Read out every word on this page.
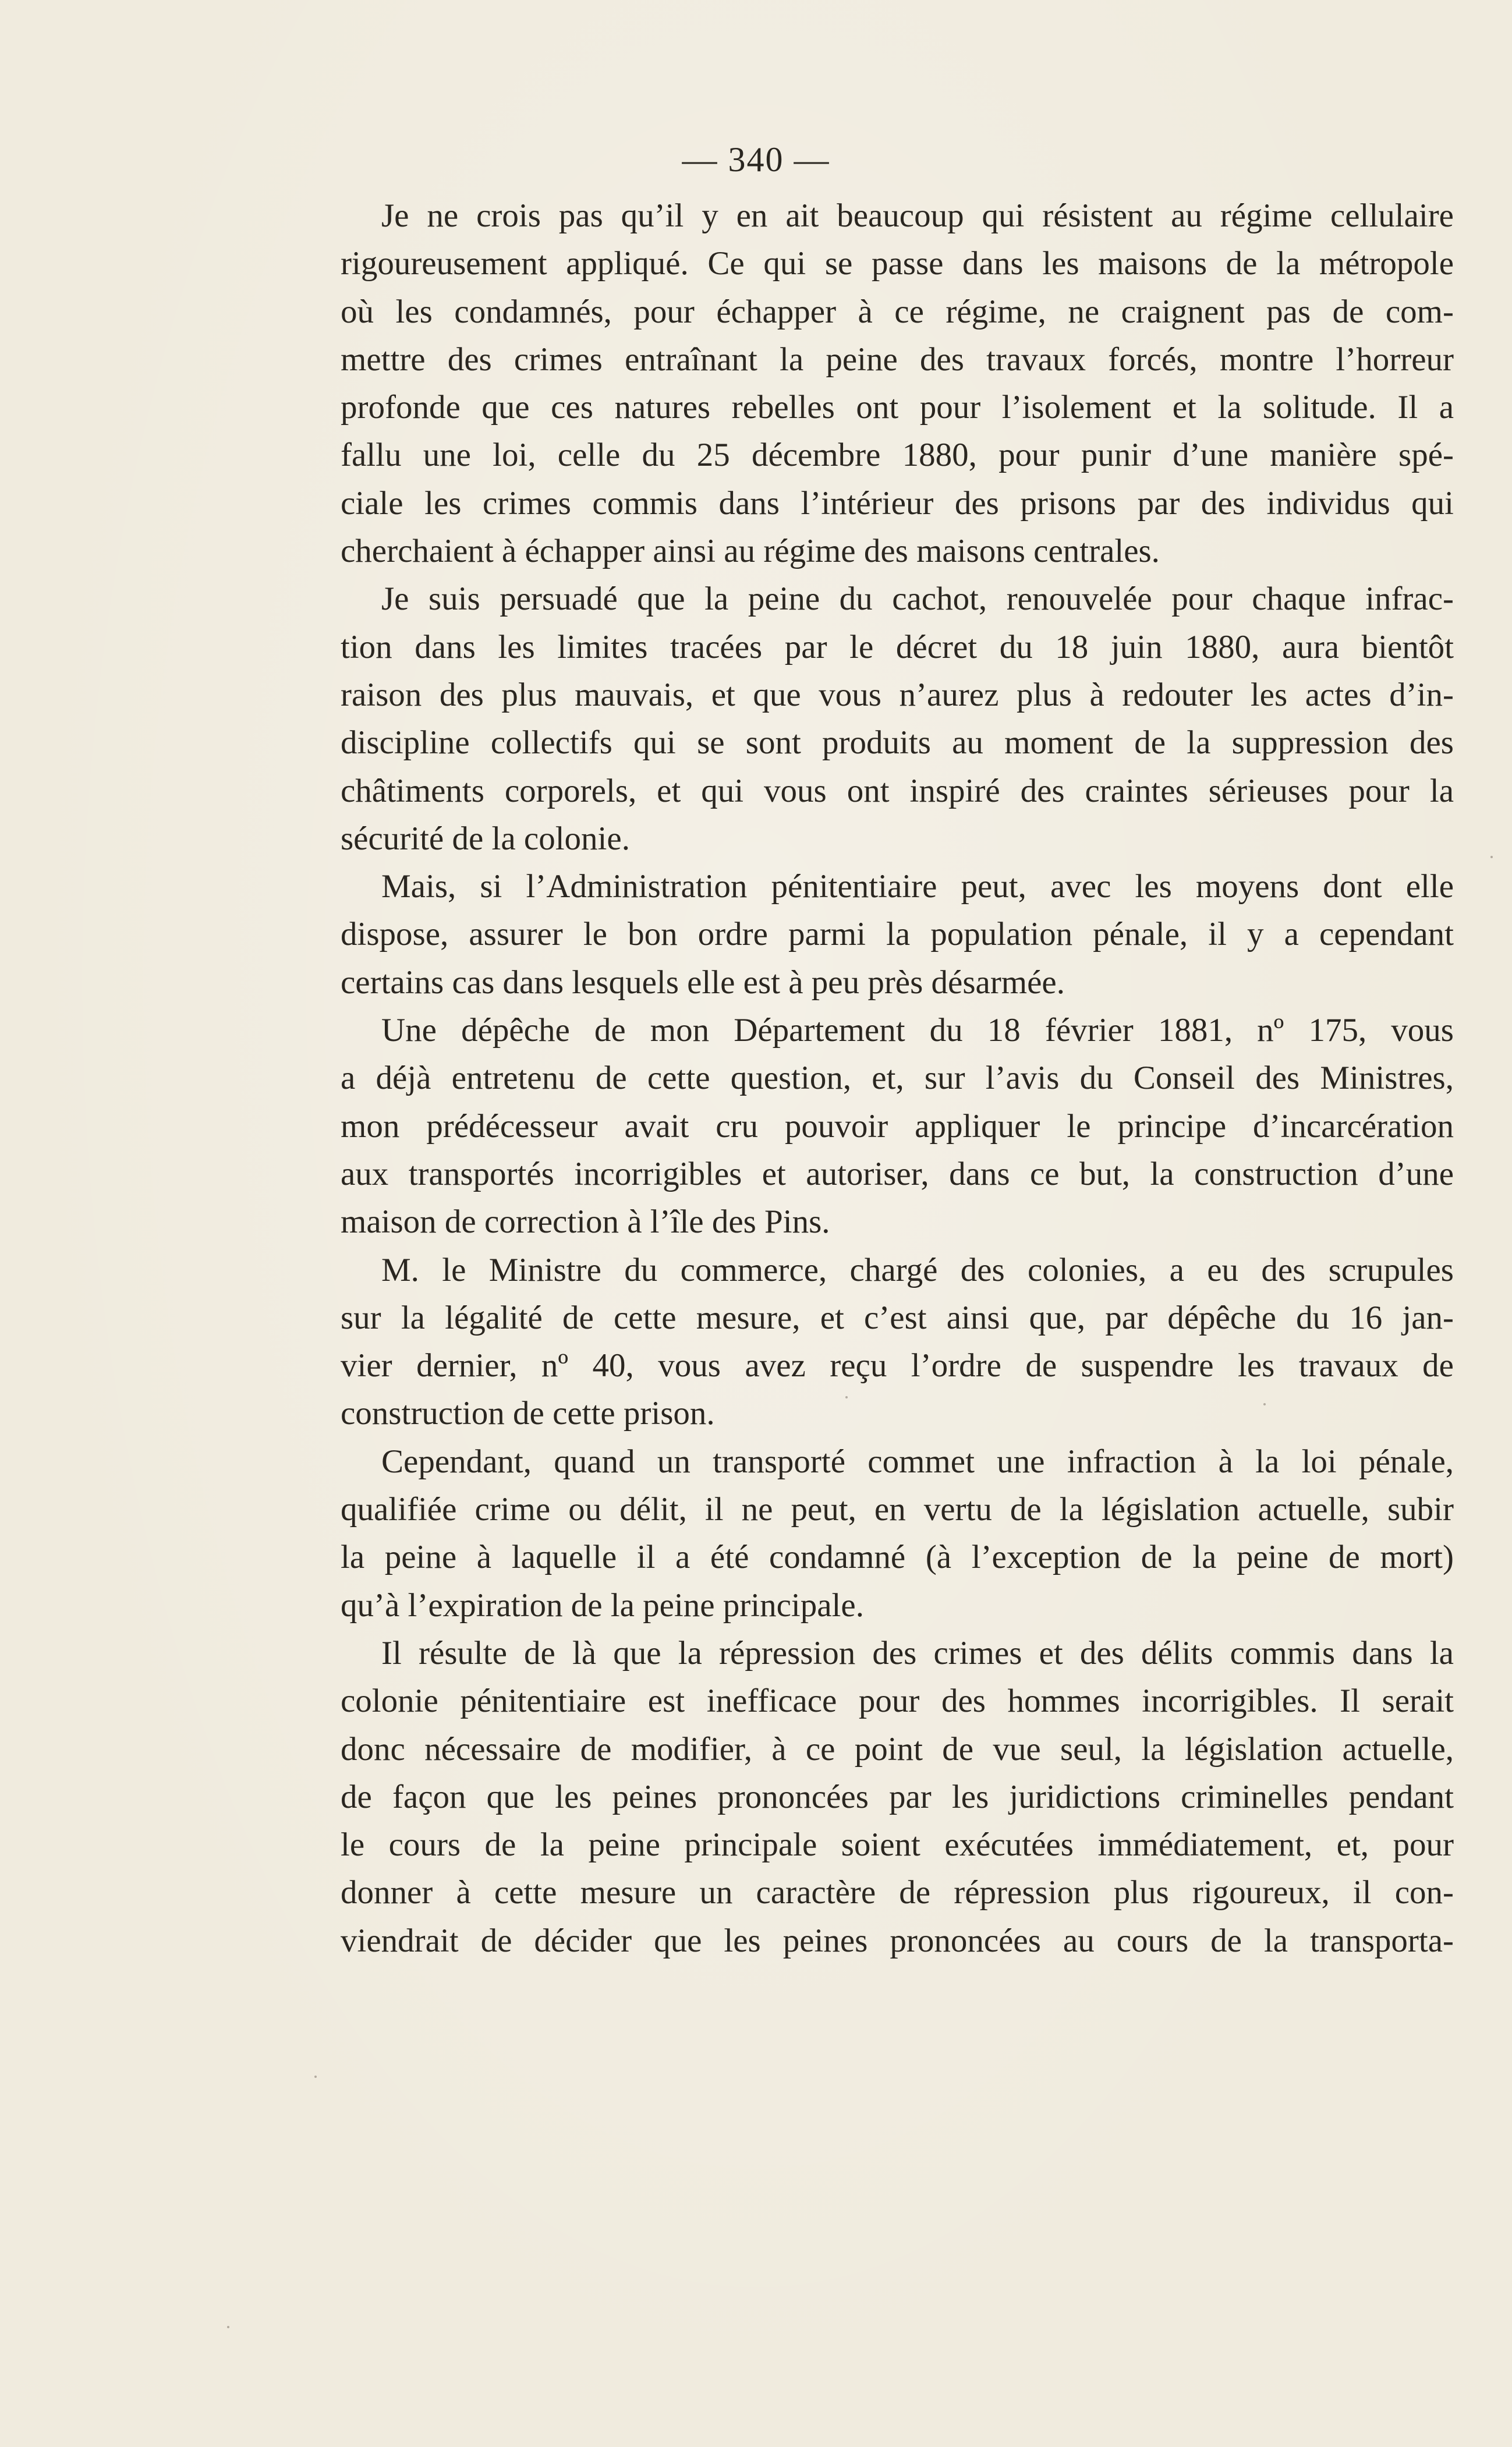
— 340 —
Je ne crois pas qu’il y en ait beaucoup qui résistent au régime cellulaire
rigoureusement appliqué. Ce qui se passe dans les maisons de la métropole
où les condamnés, pour échapper à ce régime, ne craignent pas de com-
mettre des crimes entraînant la peine des travaux forcés, montre l’horreur
profonde que ces natures rebelles ont pour l’isolement et la solitude. Il a
fallu une loi, celle du 25 décembre 1880, pour punir d’une manière spé-
ciale les crimes commis dans l’intérieur des prisons par des individus qui
cherchaient à échapper ainsi au régime des maisons centrales.
Je suis persuadé que la peine du cachot, renouvelée pour chaque infrac-
tion dans les limites tracées par le décret du 18 juin 1880, aura bientôt
raison des plus mauvais, et que vous n’aurez plus à redouter les actes d’in-
discipline collectifs qui se sont produits au moment de la suppression des
châtiments corporels, et qui vous ont inspiré des craintes sérieuses pour la
sécurité de la colonie.
Mais, si l’Administration pénitentiaire peut, avec les moyens dont elle
dispose, assurer le bon ordre parmi la population pénale, il y a cependant
certains cas dans lesquels elle est à peu près désarmée.
Une dépêche de mon Département du 18 février 1881, nº 175, vous
a déjà entretenu de cette question, et, sur l’avis du Conseil des Ministres,
mon prédécesseur avait cru pouvoir appliquer le principe d’incarcération
aux transportés incorrigibles et autoriser, dans ce but, la construction d’une
maison de correction à l’île des Pins.
M. le Ministre du commerce, chargé des colonies, a eu des scrupules
sur la légalité de cette mesure, et c’est ainsi que, par dépêche du 16 jan-
vier dernier, nº 40, vous avez reçu l’ordre de suspendre les travaux de
construction de cette prison.
Cependant, quand un transporté commet une infraction à la loi pénale,
qualifiée crime ou délit, il ne peut, en vertu de la législation actuelle, subir
la peine à laquelle il a été condamné (à l’exception de la peine de mort)
qu’à l’expiration de la peine principale.
Il résulte de là que la répression des crimes et des délits commis dans la
colonie pénitentiaire est inefficace pour des hommes incorrigibles. Il serait
donc nécessaire de modifier, à ce point de vue seul, la législation actuelle,
de façon que les peines prononcées par les juridictions criminelles pendant
le cours de la peine principale soient exécutées immédiatement, et, pour
donner à cette mesure un caractère de répression plus rigoureux, il con-
viendrait de décider que les peines prononcées au cours de la transporta-
